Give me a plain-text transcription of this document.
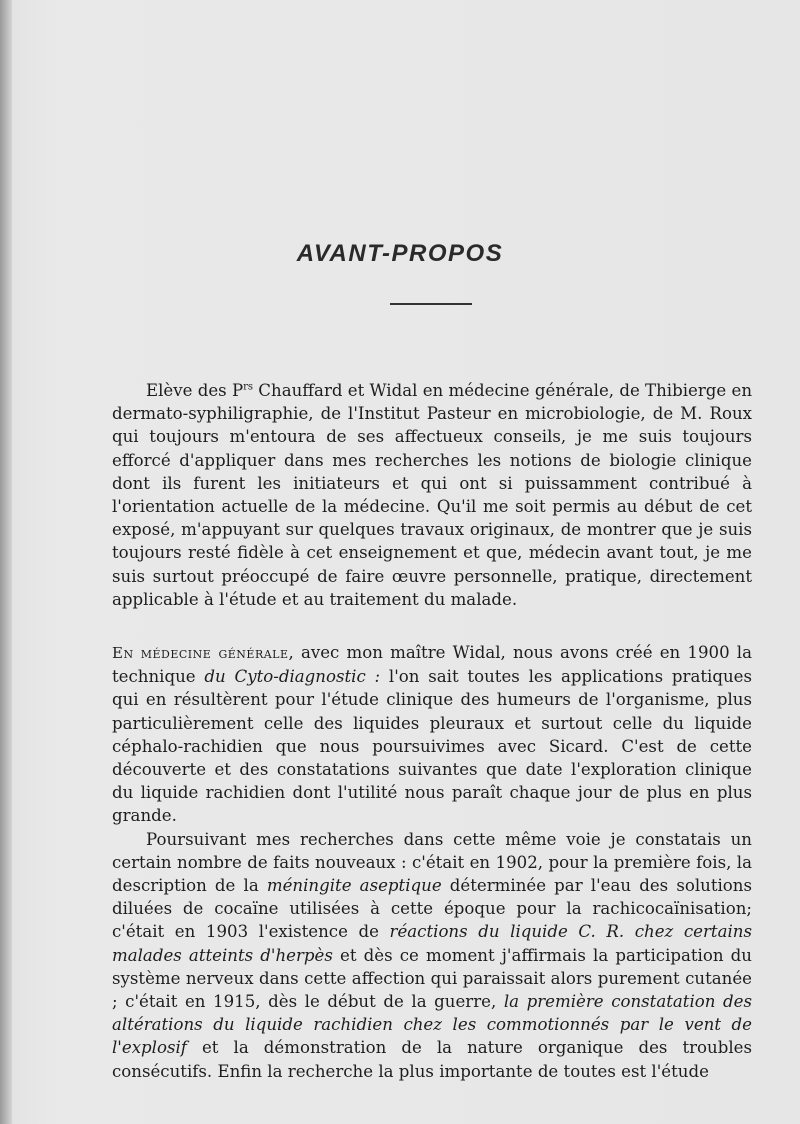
AVANT-PROPOS

Elève des $P^{rs}$ Chauffard et Widal en médecine générale, de Thibierge en dermato-syphiligraphie, de l'Institut Pasteur en microbiologie, de M. Roux qui toujours m'entoura de ses affectueux conseils, je me suis toujours efforcé d'appliquer dans mes recherches les notions de biologie clinique dont ils furent les initiateurs et qui ont si puissamment contribué à l'orientation actuelle de la médecine. Qu'il me soit permis au début de cet exposé, m'appuyant sur quelques travaux originaux, de montrer que je suis toujours resté fidèle à cet enseignement et que, médecin avant tout, je me suis surtout préoccupé de faire œuvre personnelle, pratique, directement applicable à l'étude et au traitement du malade.

En médecine générale, avec mon maître Widal, nous avons créé en 1900 la technique du Cyto-diagnostic : l'on sait toutes les applications pratiques qui en résultèrent pour l'étude clinique des humeurs de l'organisme, plus particulièrement celle des liquides pleuraux et surtout celle du liquide céphalo-rachidien que nous poursuivimes avec Sicard. C'est de cette découverte et des constatations suivantes que date l'exploration clinique du liquide rachidien dont l'utilité nous paraît chaque jour de plus en plus grande.

Poursuivant mes recherches dans cette même voie je constatais un certain nombre de faits nouveaux : c'était en 1902, pour la première fois, la description de la méningite aseptique déterminée par l'eau des solutions diluées de cocaïne utilisées à cette époque pour la rachicocaïnisation; c'était en 1903 l'existence de réactions du liquide C. R. chez certains malades atteints d'herpès et dès ce moment j'affirmais la participation du système nerveux dans cette affection qui paraissait alors purement cutanée ; c'était en 1915, dès le début de la guerre, la première constatation des altérations du liquide rachidien chez les commotionnés par le vent de l'explosif et la démonstration de la nature organique des troubles consécutifs. Enfin la recherche la plus importante de toutes est l'étude
